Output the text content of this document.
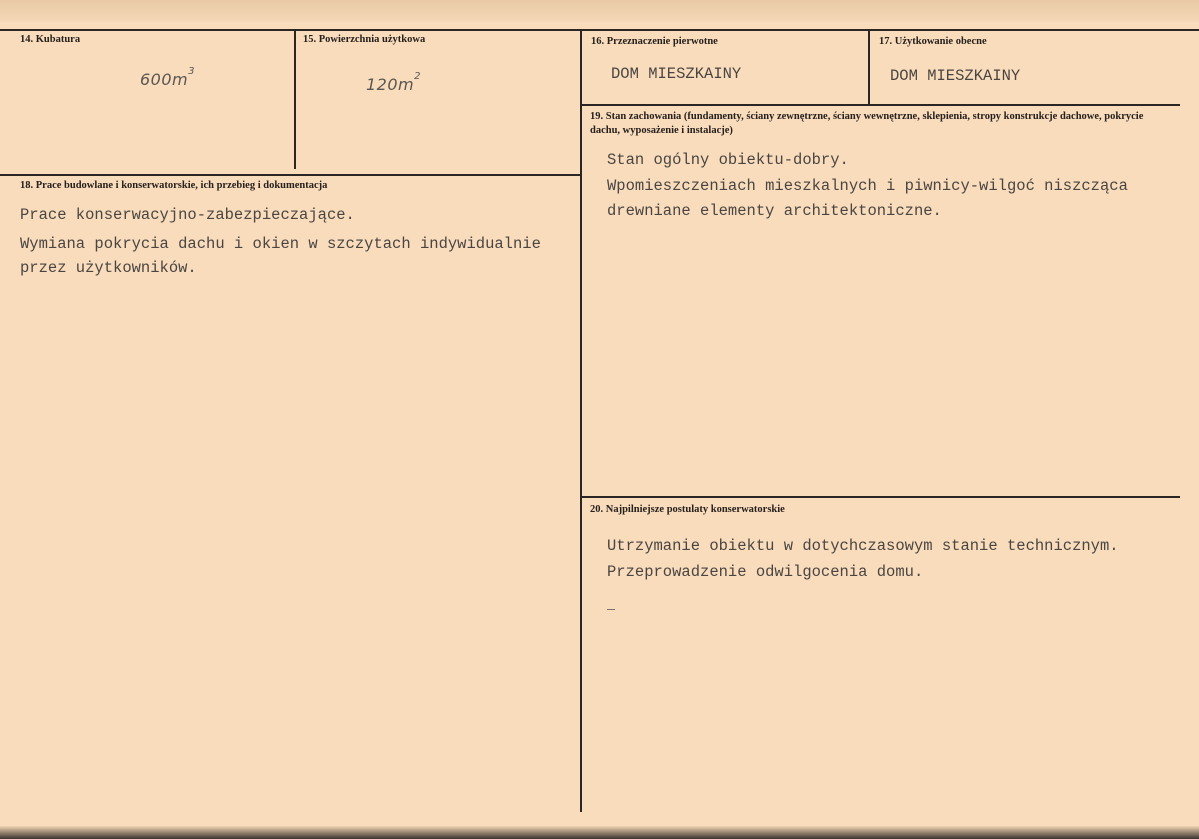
14. Kubatura
$600m^3$
15. Powierzchnia użytkowa
$120m^2$
16. Przeznaczenie pierwotne
DOM MIESZKAINY
17. Użytkowanie obecne
DOM MIESZKAINY
18. Prace budowlane i konserwatorskie, ich przebieg i dokumentacja
Prace konserwacyjno-zabezpieczające.
Wymiana pokrycia dachu i okien w szczytach indywidualnie
przez użytkowników.
19. Stan zachowania (fundamenty, ściany zewnętrzne, ściany wewnętrzne, sklepienia, stropy konstrukcje dachowe, pokrycie dachu, wyposażenie i instalacje)
Stan ogólny obiektu-dobry.
Wpomieszczeniach mieszkalnych i piwnicy-wilgoć niszcząca
drewniane elementy architektoniczne.
20. Najpilniejsze postulaty konserwatorskie
Utrzymanie obiektu w dotychczasowym stanie technicznym.
Przeprowadzenie odwilgocenia domu.
